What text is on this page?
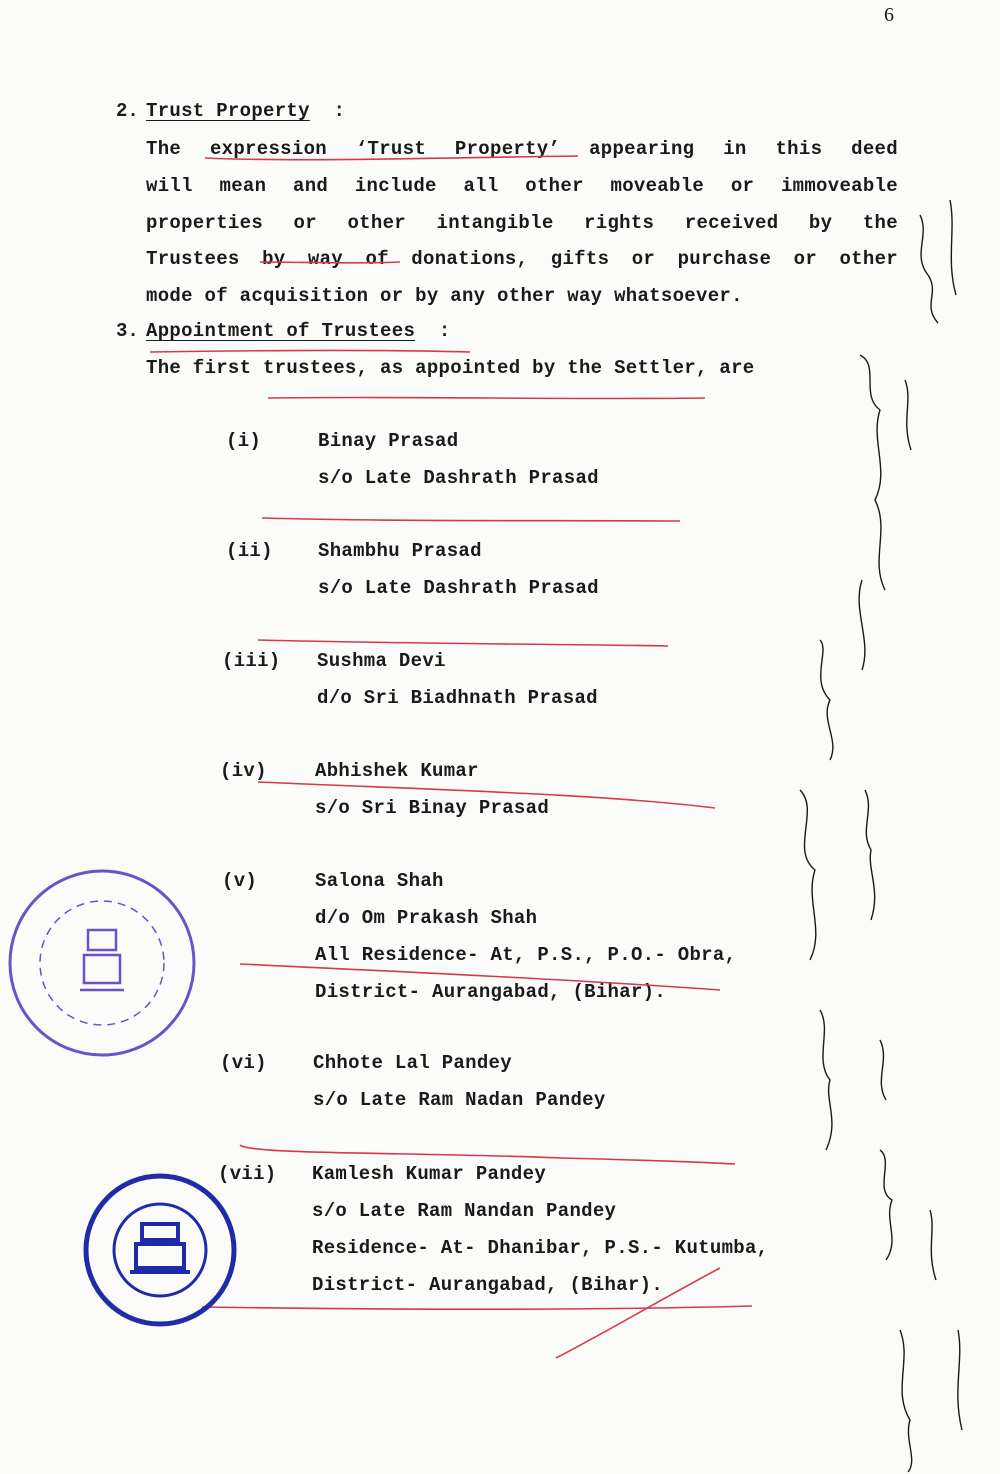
6
2. Trust Property :
The expression ‘Trust Property’ appearing in this deed
will mean and include all other moveable or immoveable
properties or other intangible rights received by the
Trustees by way of donations, gifts or purchase or other
mode of acquisition or by any other way whatsoever.
3. Appointment of Trustees :
The first trustees, as appointed by the Settler, are
(i)	Binay Prasad
s/o Late Dashrath Prasad
(ii) Shambhu Prasad
s/o Late Dashrath Prasad
(iii) Sushma Devi
d/o Sri Biadhnath Prasad
(iv)	Abhishek Kumar
s/o Sri Binay Prasad
(v)	Salona Shah
d/o Om Prakash Shah
All Residence- At, P.S., P.O.- Obra,
District- Aurangabad, (Bihar).
(vi) Chhote Lal Pandey
s/o Late Ram Nadan Pandey
(vii) Kamlesh Kumar Pandey
s/o Late Ram Nandan Pandey
Residence- At- Dhanibar, P.S.- Kutumba,
District- Aurangabad, (Bihar).
